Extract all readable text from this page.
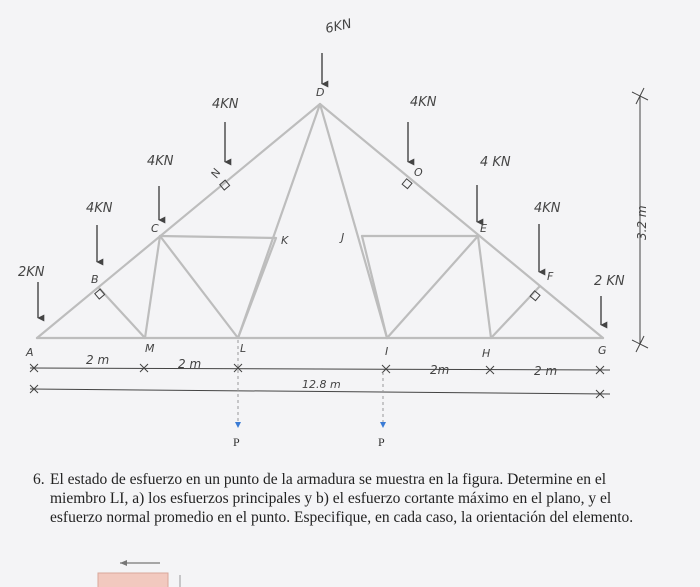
6KN
4KN	4KN
4KN
4KN
4 KN
4KN
2KN
2 KN
A
B
C
N
D
K	J
O
E
F
G
M	L	I	H
2 m	2 m	2m	2 m
12.8 m
3.2 m
P	P
6. El estado de esfuerzo en un punto de la armadura se muestra en la figura. Determine en el miembro LI, a) los esfuerzos principales y b) el esfuerzo cortante máximo en el plano, y el esfuerzo normal promedio en el punto. Especifique, en cada caso, la orientación del elemento.
